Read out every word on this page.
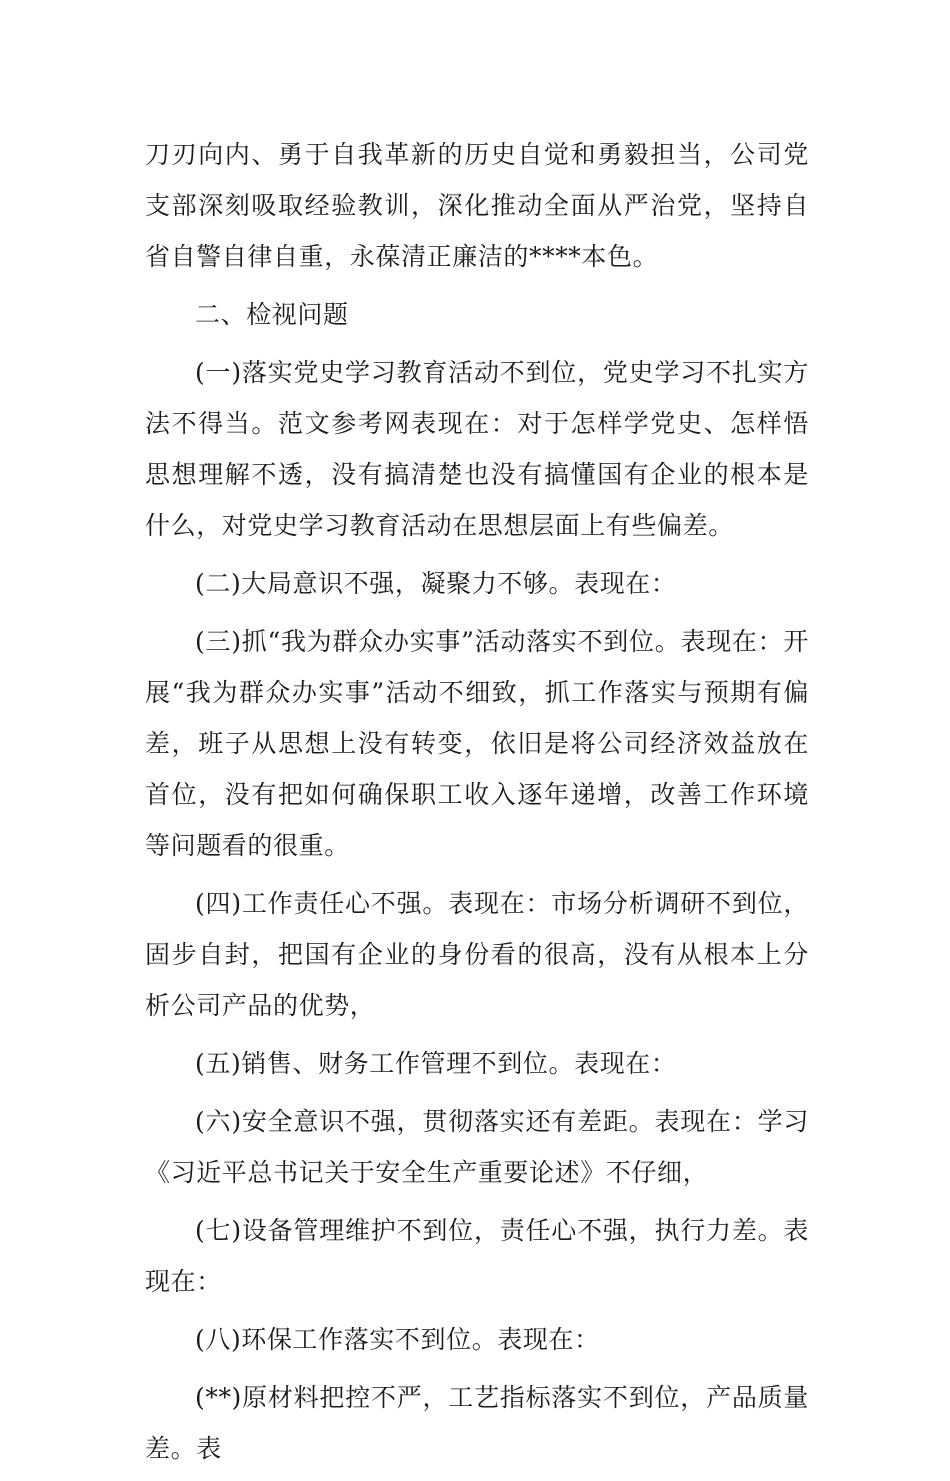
刀刃向内、勇于自我革新的历史自觉和勇毅担当，公司党支部深刻吸取经验教训，深化推动全面从严治党，坚持自省自警自律自重，永葆清正廉洁的****本色。

二、检视问题

(一)落实党史学习教育活动不到位，党史学习不扎实方法不得当。范文参考网表现在：对于怎样学党史、怎样悟思想理解不透，没有搞清楚也没有搞懂国有企业的根本是什么，对党史学习教育活动在思想层面上有些偏差。

(二)大局意识不强，凝聚力不够。表现在：

(三)抓“我为群众办实事”活动落实不到位。表现在：开展“我为群众办实事”活动不细致，抓工作落实与预期有偏差，班子从思想上没有转变，依旧是将公司经济效益放在首位，没有把如何确保职工收入逐年递增，改善工作环境等问题看的很重。

(四)工作责任心不强。表现在：市场分析调研不到位，固步自封，把国有企业的身份看的很高，没有从根本上分析公司产品的优势，

(五)销售、财务工作管理不到位。表现在：

(六)安全意识不强，贯彻落实还有差距。表现在：学习《习近平总书记关于安全生产重要论述》不仔细，

(七)设备管理维护不到位，责任心不强，执行力差。表现在：

(八)环保工作落实不到位。表现在：

(**)原材料把控不严，工艺指标落实不到位，产品质量差。表
